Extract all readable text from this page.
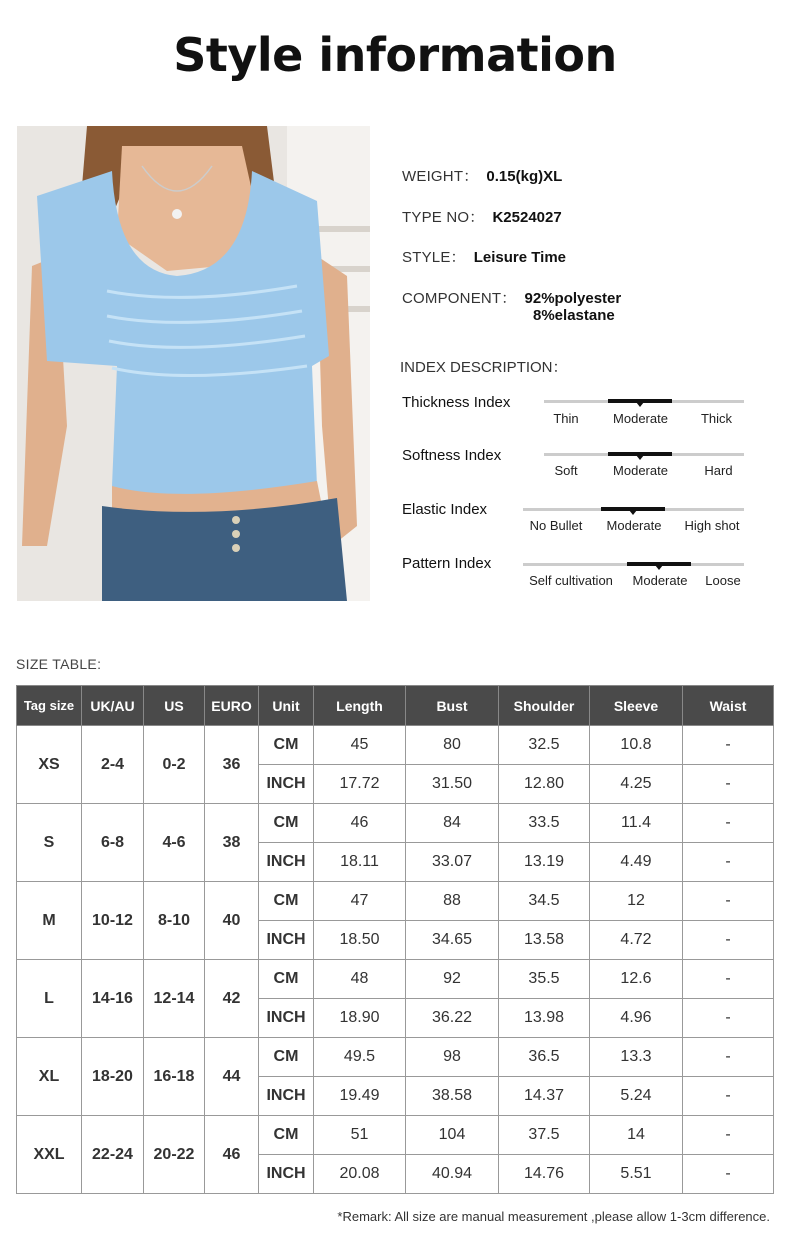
Style information
WEIGHT： 0.15(kg)XL
TYPE NO： K2524027
STYLE： Leisure Time
COMPONENT： 92%polyester
8%elastane
INDEX DESCRIPTION：
Thickness Index
Thin	Moderate	Thick
Softness Index
Soft	Moderate	Hard
Elastic Index
No Bullet	Moderate	High shot
Pattern Index
Self cultivation	Moderate	Loose
SIZE TABLE:
Tag size	UK/AU	US	EURO	Unit	Length	Bust	Shoulder	Sleeve	Waist
XS	2-4	0-2	36	CM	45	80	32.5	10.8	-
				INCH	17.72	31.50	12.80	4.25	-
S	6-8	4-6	38	CM	46	84	33.5	11.4	-
				INCH	18.11	33.07	13.19	4.49	-
M	10-12	8-10	40	CM	47	88	34.5	12	-
				INCH	18.50	34.65	13.58	4.72	-
L	14-16	12-14	42	CM	48	92	35.5	12.6	-
				INCH	18.90	36.22	13.98	4.96	-
XL	18-20	16-18	44	CM	49.5	98	36.5	13.3	-
				INCH	19.49	38.58	14.37	5.24	-
XXL	22-24	20-22	46	CM	51	104	37.5	14	-
				INCH	20.08	40.94	14.76	5.51	-
*Remark: All size are manual measurement ,please allow 1-3cm difference.
